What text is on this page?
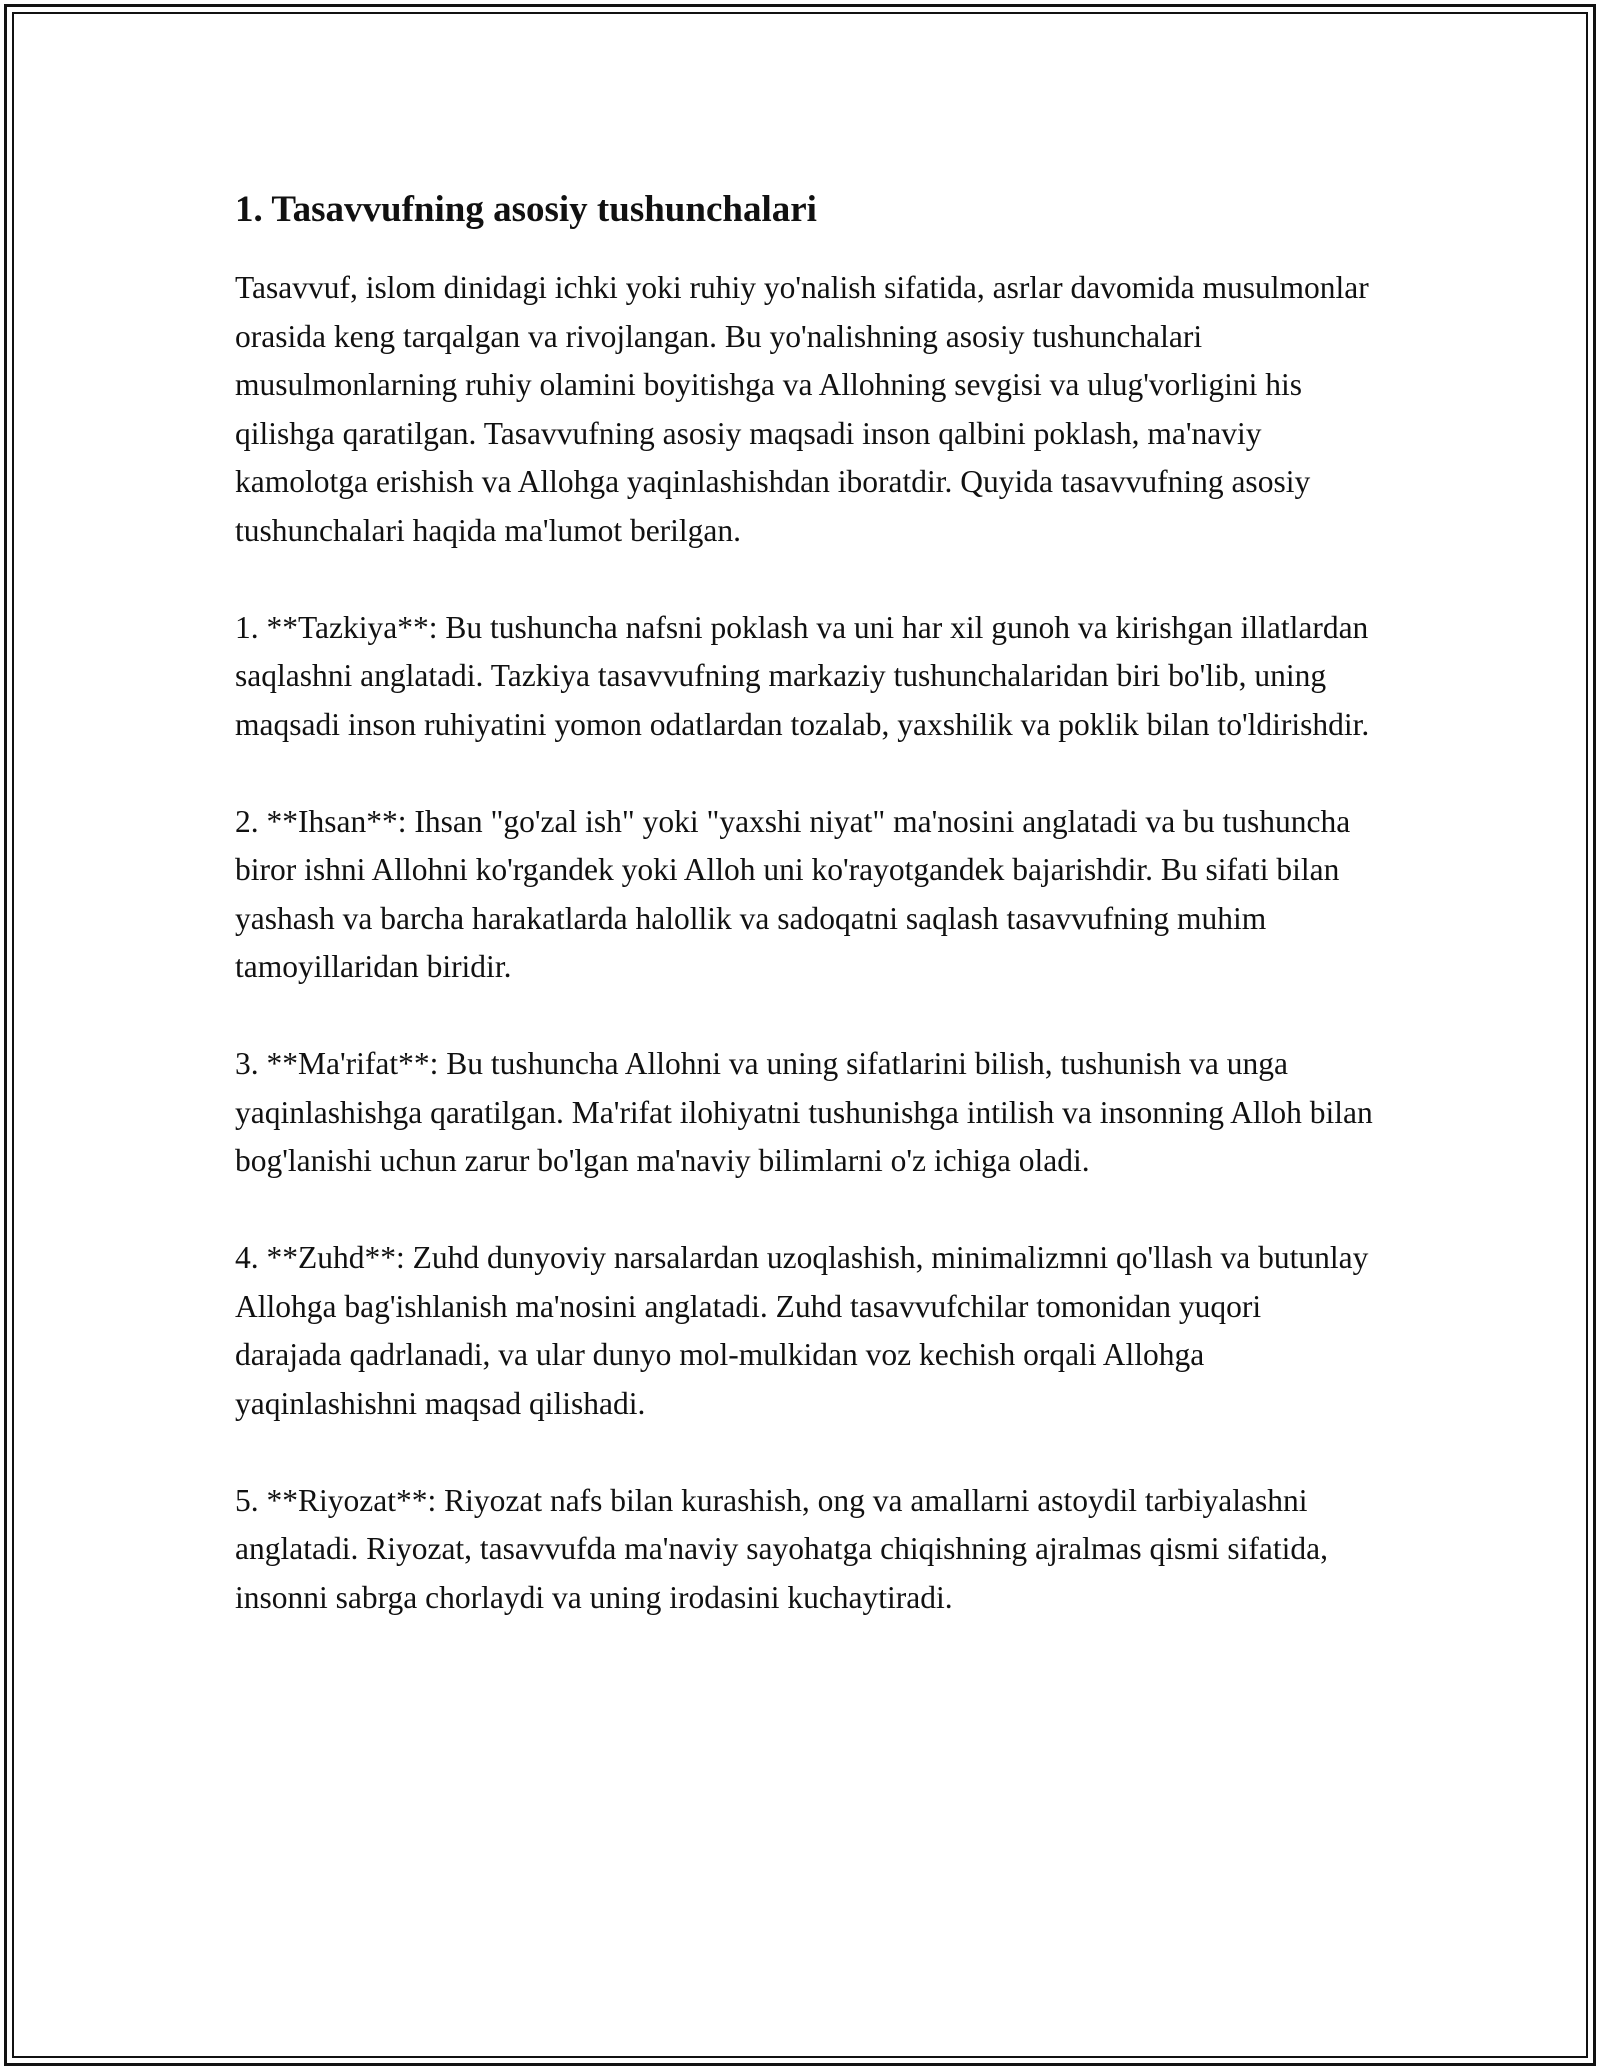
1. Tasavvufning asosiy tushunchalari

Tasavvuf, islom dinidagi ichki yoki ruhiy yo'nalish sifatida, asrlar davomida musulmonlar orasida keng tarqalgan va rivojlangan. Bu yo'nalishning asosiy tushunchalari musulmonlarning ruhiy olamini boyitishga va Allohning sevgisi va ulug'vorligini his qilishga qaratilgan. Tasavvufning asosiy maqsadi inson qalbini poklash, ma'naviy kamolotga erishish va Allohga yaqinlashishdan iboratdir. Quyida tasavvufning asosiy tushunchalari haqida ma'lumot berilgan.

1. **Tazkiya**: Bu tushuncha nafsni poklash va uni har xil gunoh va kirishgan illatlardan saqlashni anglatadi. Tazkiya tasavvufning markaziy tushunchalaridan biri bo'lib, uning maqsadi inson ruhiyatini yomon odatlardan tozalab, yaxshilik va poklik bilan to'ldirishdir.

2. **Ihsan**: Ihsan "go'zal ish" yoki "yaxshi niyat" ma'nosini anglatadi va bu tushuncha biror ishni Allohni ko'rgandek yoki Alloh uni ko'rayotgandek bajarishdir. Bu sifati bilan yashash va barcha harakatlarda halollik va sadoqatni saqlash tasavvufning muhim tamoyillaridan biridir.

3. **Ma'rifat**: Bu tushuncha Allohni va uning sifatlarini bilish, tushunish va unga yaqinlashishga qaratilgan. Ma'rifat ilohiyatni tushunishga intilish va insonning Alloh bilan bog'lanishi uchun zarur bo'lgan ma'naviy bilimlarni o'z ichiga oladi.

4. **Zuhd**: Zuhd dunyoviy narsalardan uzoqlashish, minimalizmni qo'llash va butunlay Allohga bag'ishlanish ma'nosini anglatadi. Zuhd tasavvufchilar tomonidan yuqori darajada qadrlanadi, va ular dunyo mol-mulkidan voz kechish orqali Allohga yaqinlashishni maqsad qilishadi.

5. **Riyozat**: Riyozat nafs bilan kurashish, ong va amallarni astoydil tarbiyalashni anglatadi. Riyozat, tasavvufda ma'naviy sayohatga chiqishning ajralmas qismi sifatida, insonni sabrga chorlaydi va uning irodasini kuchaytiradi.
